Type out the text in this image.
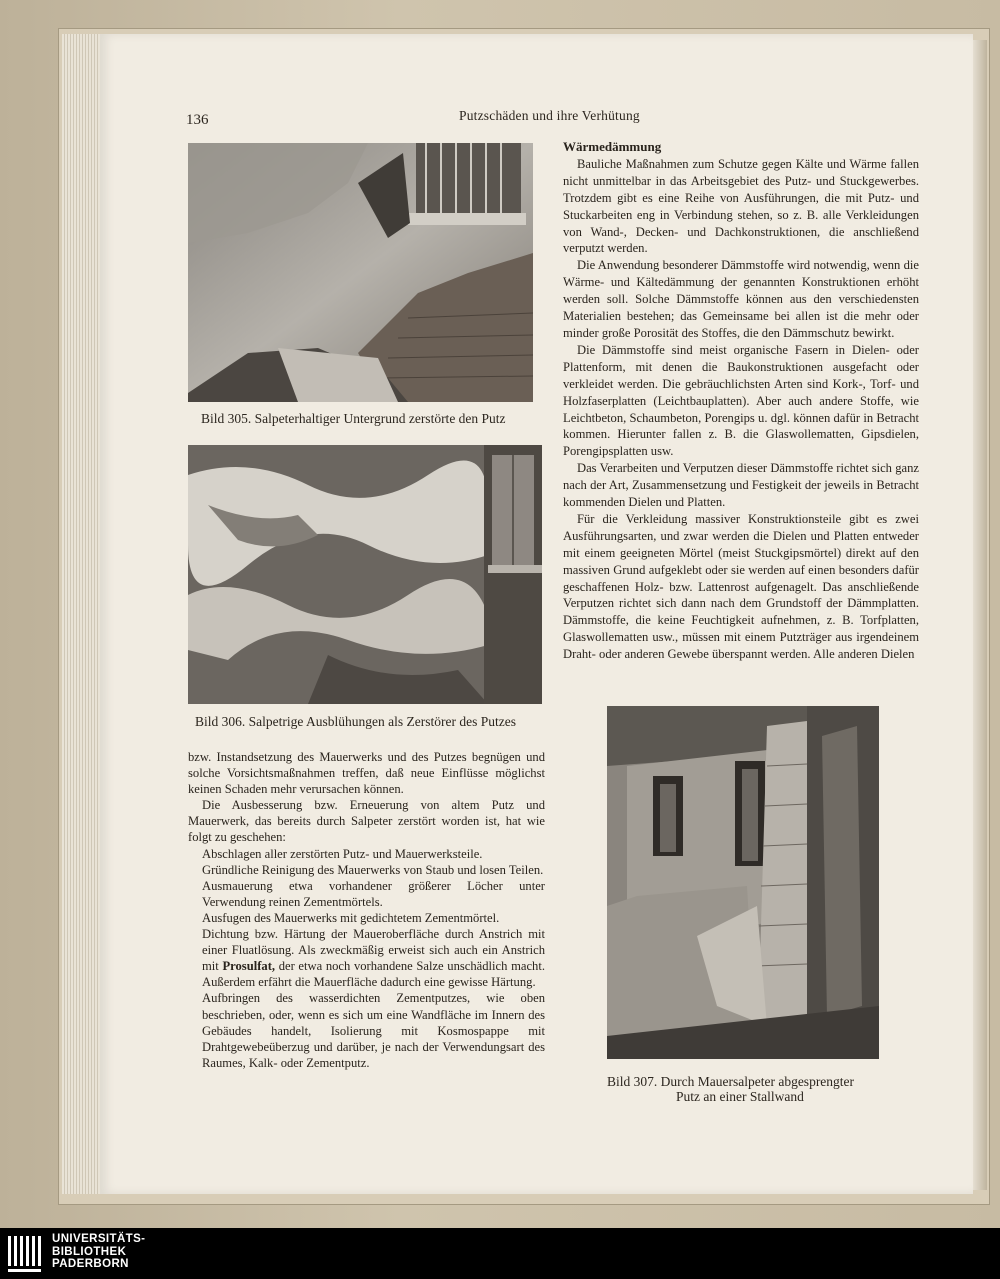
136	Putzschäden und ihre Verhütung
Bild 305. Salpeterhaltiger Untergrund zerstörte den Putz
Bild 306. Salpetrige Ausblühungen als Zerstörer des Putzes
Bild 307. Durch Mauersalpeter abgesprengter
Putz an einer Stallwand
Wärmedämmung

Bauliche Maßnahmen zum Schutze gegen Kälte und Wärme fallen nicht unmittelbar in das Arbeitsgebiet des Putz- und Stuckgewerbes. Trotzdem gibt es eine Reihe von Ausführungen, die mit Putz- und Stuckarbeiten eng in Verbindung stehen, so z. B. alle Verkleidungen von Wand-, Decken- und Dachkonstruktionen, die anschließend verputzt werden.

Die Anwendung besonderer Dämmstoffe wird notwendig, wenn die Wärme- und Kältedämmung der genannten Konstruktionen erhöht werden soll. Solche Dämmstoffe können aus den verschiedensten Materialien bestehen; das Gemeinsame bei allen ist die mehr oder minder große Porosität des Stoffes, die den Dämmschutz bewirkt.

Die Dämmstoffe sind meist organische Fasern in Dielen- oder Plattenform, mit denen die Baukonstruktionen ausgefacht oder verkleidet werden. Die gebräuchlichsten Arten sind Kork-, Torf- und Holzfaserplatten (Leichtbauplatten). Aber auch andere Stoffe, wie Leichtbeton, Schaumbeton, Porengips u. dgl. können dafür in Betracht kommen. Hierunter fallen z. B. die Glaswollematten, Gipsdielen, Porengipsplatten usw.

Das Verarbeiten und Verputzen dieser Dämmstoffe richtet sich ganz nach der Art, Zusammensetzung und Festigkeit der jeweils in Betracht kommenden Dielen und Platten.

Für die Verkleidung massiver Konstruktionsteile gibt es zwei Ausführungsarten, und zwar werden die Dielen und Platten entweder mit einem geeigneten Mörtel (meist Stuckgipsmörtel) direkt auf den massiven Grund aufgeklebt oder sie werden auf einen besonders dafür geschaffenen Holz- bzw. Lattenrost aufgenagelt. Das anschließende Verputzen richtet sich dann nach dem Grundstoff der Dämmplatten. Dämmstoffe, die keine Feuchtigkeit aufnehmen, z. B. Torfplatten, Glaswollematten usw., müssen mit einem Putzträger aus irgendeinem Draht- oder anderen Gewebe überspannt werden. Alle anderen Dielen

bzw. Instandsetzung des Mauerwerks und des Putzes begnügen und solche Vorsichtsmaßnahmen treffen, daß neue Einflüsse möglichst keinen Schaden mehr verursachen können.

Die Ausbesserung bzw. Erneuerung von altem Putz und Mauerwerk, das bereits durch Salpeter zerstört worden ist, hat wie folgt zu geschehen:

Abschlagen aller zerstörten Putz- und Mauerwerksteile.
Gründliche Reinigung des Mauerwerks von Staub und losen Teilen.
Ausmauerung etwa vorhandener größerer Löcher unter Verwendung reinen Zementmörtels.
Ausfugen des Mauerwerks mit gedichtetem Zementmörtel.
Dichtung bzw. Härtung der Maueroberfläche durch Anstrich mit einer Fluatlösung. Als zweckmäßig erweist sich auch ein Anstrich mit Prosulfat, der etwa noch vorhandene Salze unschädlich macht. Außerdem erfährt die Mauerfläche dadurch eine gewisse Härtung.
Aufbringen des wasserdichten Zementputzes, wie oben beschrieben, oder, wenn es sich um eine Wandfläche im Innern des Gebäudes handelt, Isolierung mit Kosmospappe mit Drahtgewebeüberzug und darüber, je nach der Verwendungsart des Raumes, Kalk- oder Zementputz.
UNIVERSITÄTS-
BIBLIOTHEK
PADERBORN
